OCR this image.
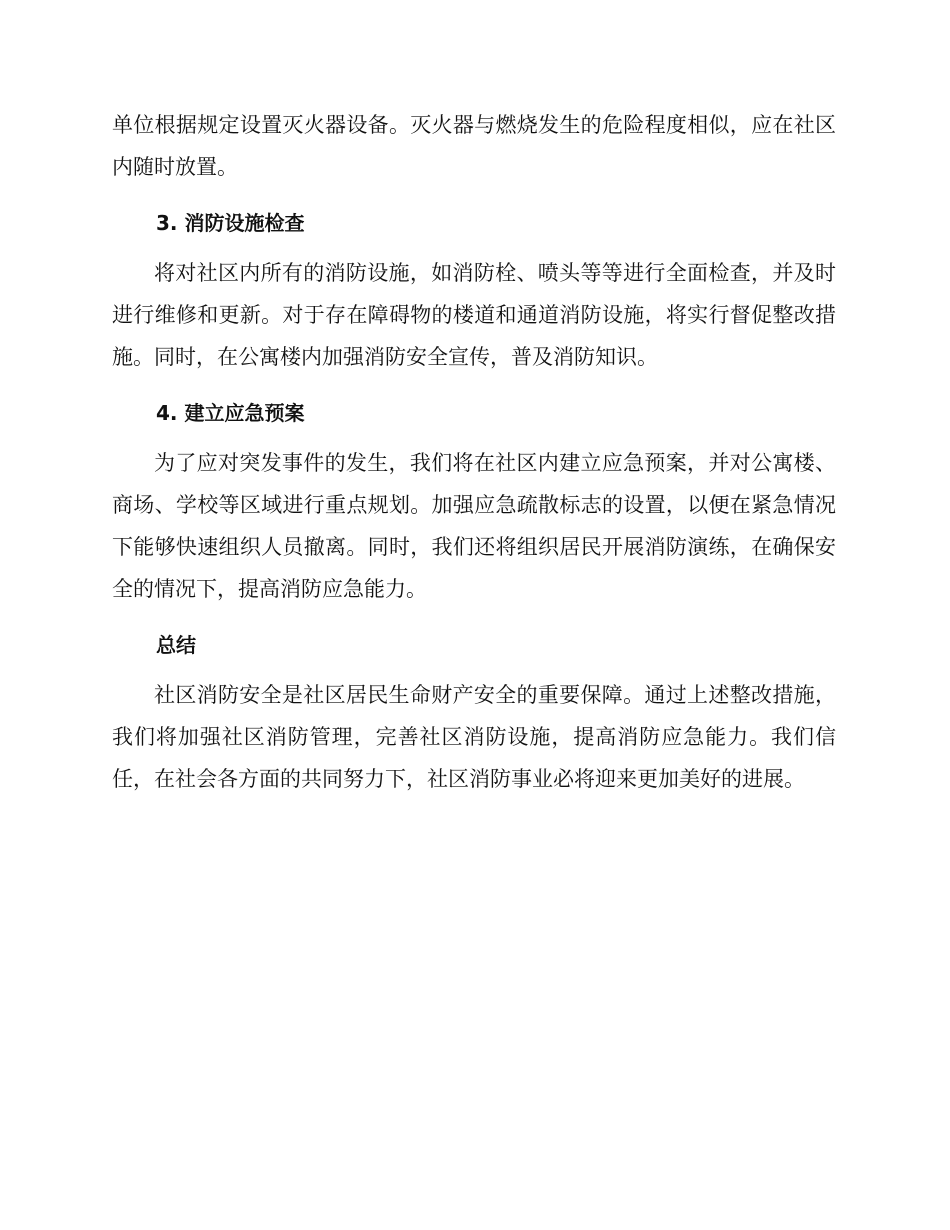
单位根据规定设置灭火器设备。灭火器与燃烧发生的危险程度相似，应在社区内随时放置。

3. 消防设施检查

将对社区内所有的消防设施，如消防栓、喷头等等进行全面检查，并及时进行维修和更新。对于存在障碍物的楼道和通道消防设施，将实行督促整改措施。同时，在公寓楼内加强消防安全宣传，普及消防知识。

4. 建立应急预案

为了应对突发事件的发生，我们将在社区内建立应急预案，并对公寓楼、商场、学校等区域进行重点规划。加强应急疏散标志的设置，以便在紧急情况下能够快速组织人员撤离。同时，我们还将组织居民开展消防演练，在确保安全的情况下，提高消防应急能力。

总结

社区消防安全是社区居民生命财产安全的重要保障。通过上述整改措施，我们将加强社区消防管理，完善社区消防设施，提高消防应急能力。我们信任，在社会各方面的共同努力下，社区消防事业必将迎来更加美好的进展。
